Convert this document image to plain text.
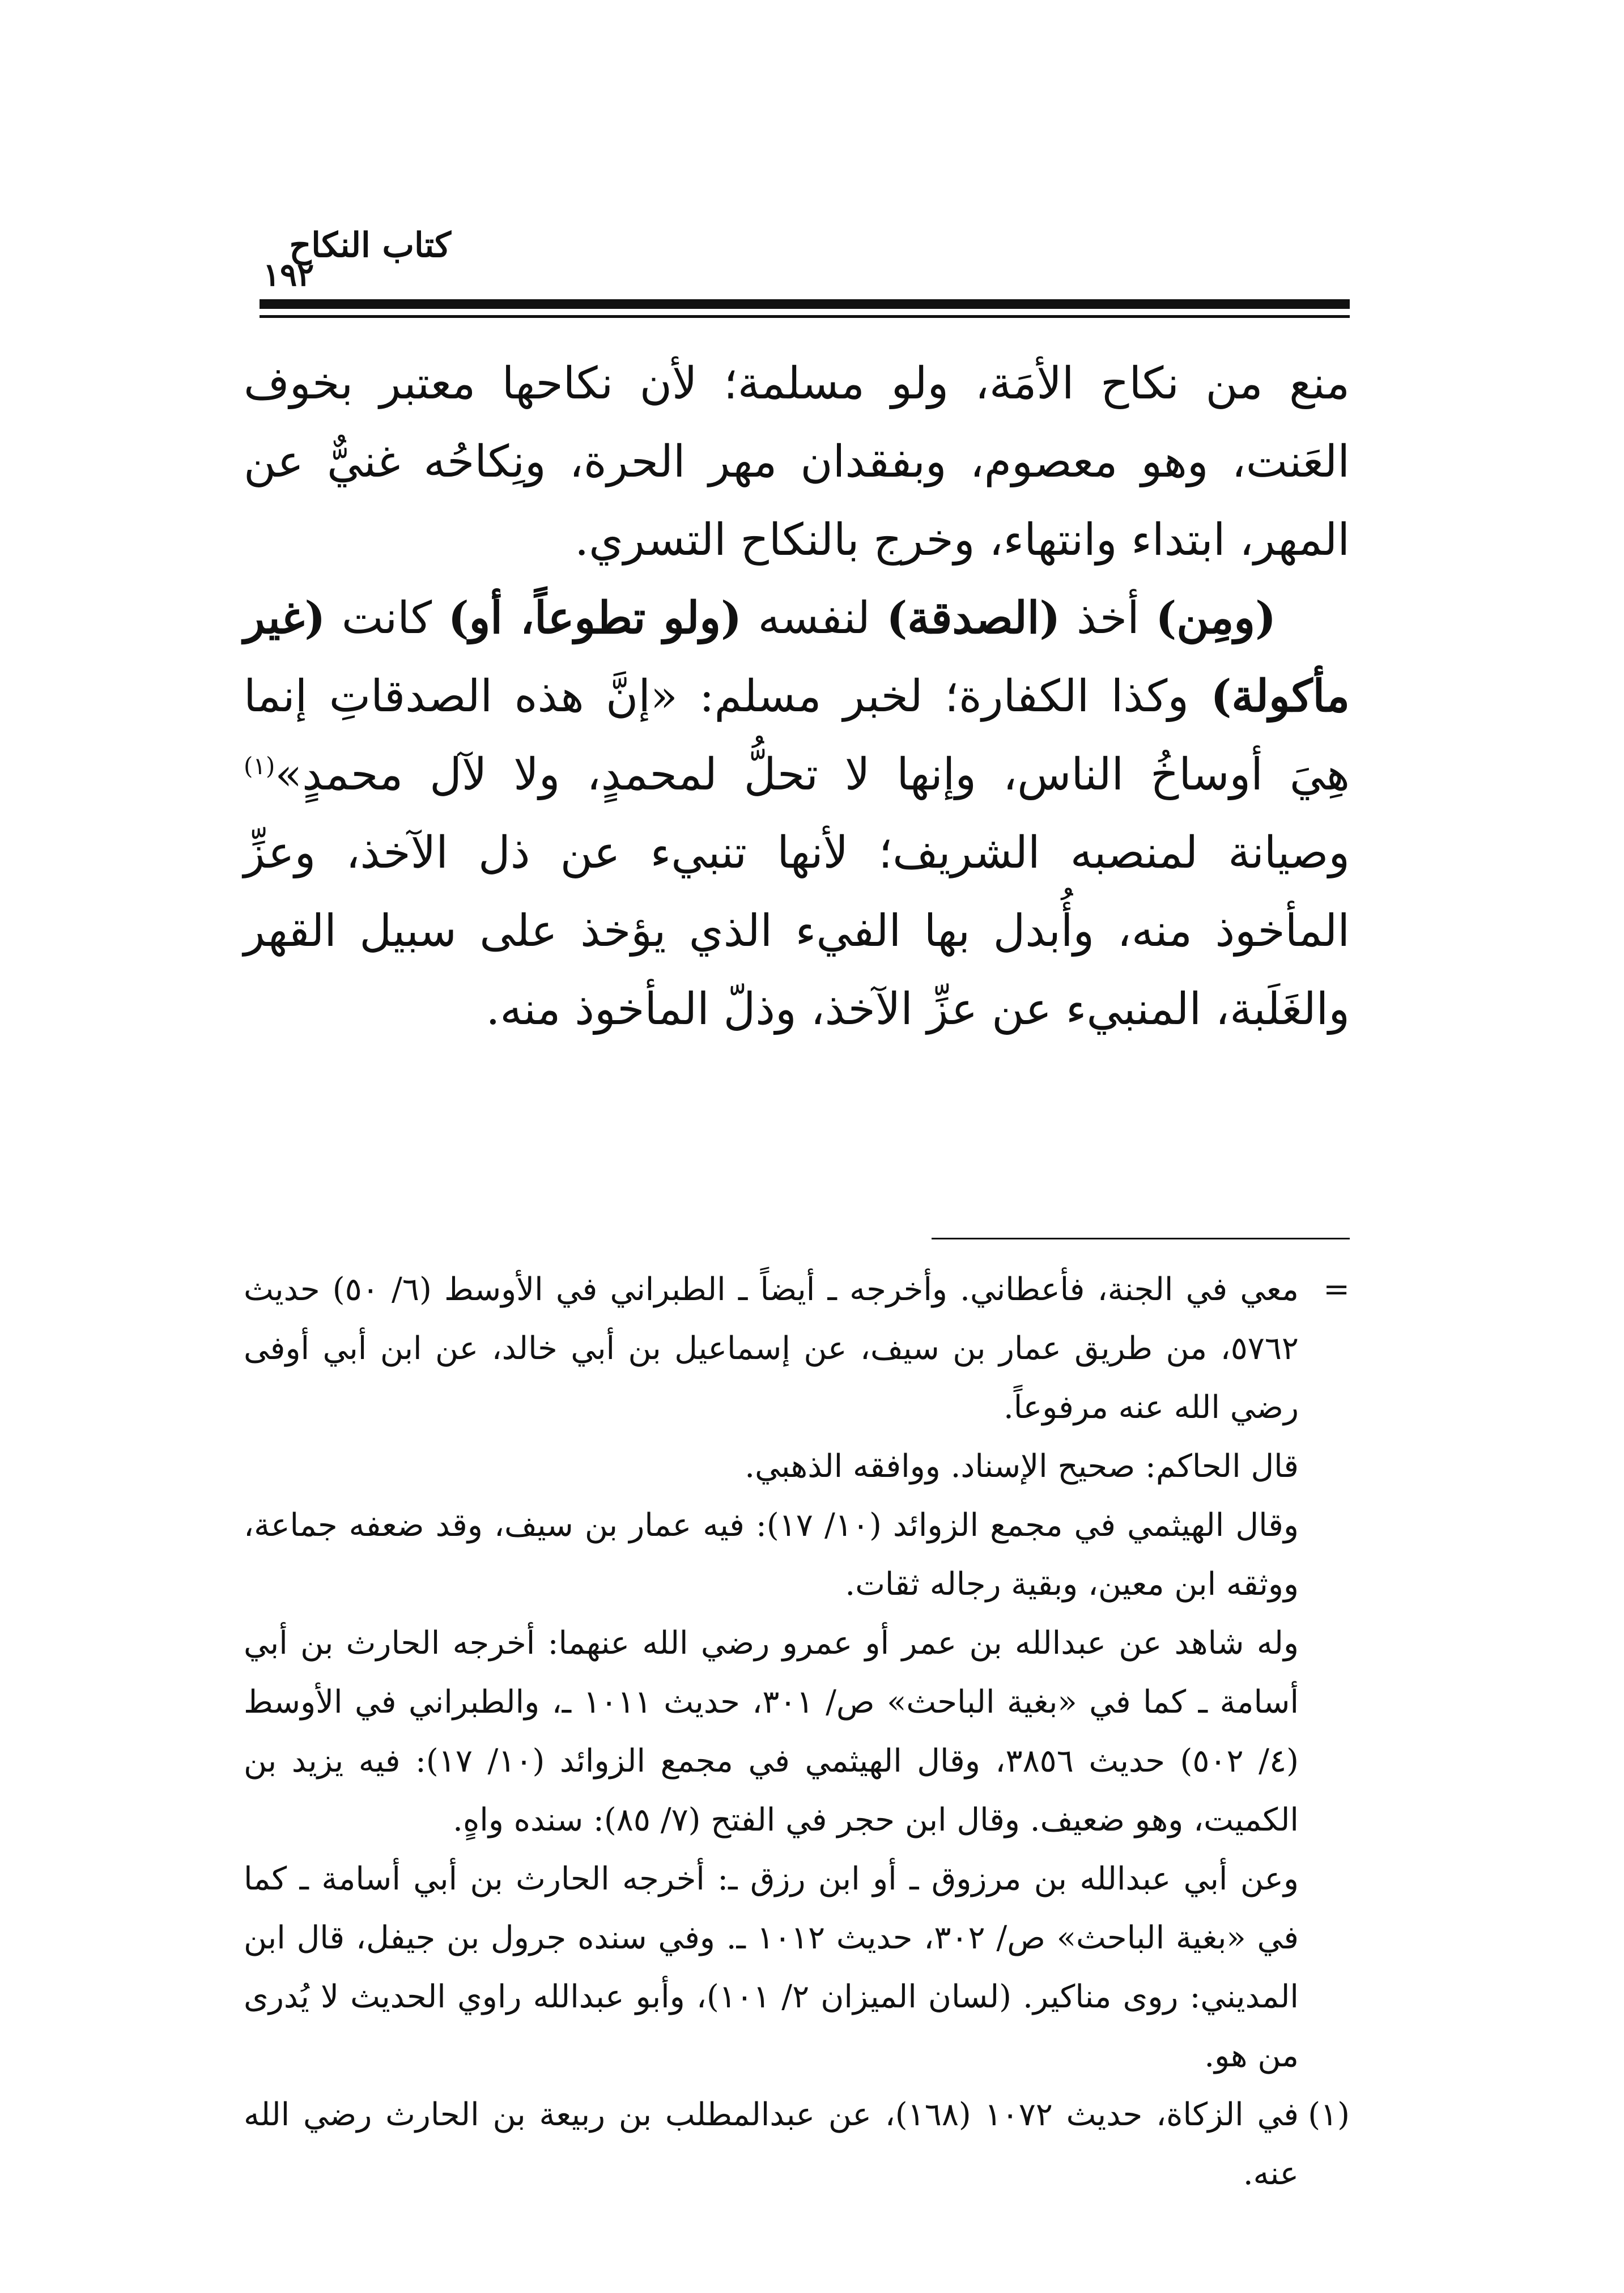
كتاب النكاح
١٩٢

منع من نكاح الأمَة، ولو مسلمة؛ لأن نكاحها معتبر بخوف العَنت، وهو معصوم، وبفقدان مهر الحرة، ونِكاحُه غنيٌّ عن المهر، ابتداء وانتهاء، وخرج بالنكاح التسري.

(ومِن) أخذ (الصدقة) لنفسه (ولو تطوعاً، أو) كانت (غير مأكولة) وكذا الكفارة؛ لخبر مسلم: «إنَّ هذه الصدقاتِ إنما هِيَ أوساخُ الناس، وإنها لا تحلُّ لمحمدٍ، ولا لآل محمدٍ»$^{(١)}$ وصيانة لمنصبه الشريف؛ لأنها تنبيء عن ذل الآخذ، وعزِّ المأخوذ منه، وأُبدل بها الفيء الذي يؤخذ على سبيل القهر والغَلَبة، المنبيء عن عزِّ الآخذ، وذلّ المأخوذ منه.

=
معي في الجنة، فأعطاني. وأخرجه ـ أيضاً ـ الطبراني في الأوسط (٦/ ٥٠) حديث ٥٧٦٢، من طريق عمار بن سيف، عن إسماعيل بن أبي خالد، عن ابن أبي أوفى رضي الله عنه مرفوعاً.

قال الحاكم: صحيح الإسناد. ووافقه الذهبي.

وقال الهيثمي في مجمع الزوائد (١٠/ ١٧): فيه عمار بن سيف، وقد ضعفه جماعة، ووثقه ابن معين، وبقية رجاله ثقات.

وله شاهد عن عبدالله بن عمر أو عمرو رضي الله عنهما: أخرجه الحارث بن أبي أسامة ـ كما في «بغية الباحث» ص/ ٣٠١، حديث ١٠١١ ـ، والطبراني في الأوسط (٤/ ٥٠٢) حديث ٣٨٥٦، وقال الهيثمي في مجمع الزوائد (١٠/ ١٧): فيه يزيد بن الكميت، وهو ضعيف. وقال ابن حجر في الفتح (٧/ ٨٥): سنده واهٍ.

وعن أبي عبدالله بن مرزوق ـ أو ابن رزق ـ: أخرجه الحارث بن أبي أسامة ـ كما في «بغية الباحث» ص/ ٣٠٢، حديث ١٠١٢ ـ. وفي سنده جرول بن جيفل، قال ابن المديني: روى مناكير. (لسان الميزان ٢/ ١٠١)، وأبو عبدالله راوي الحديث لا يُدرى من هو.

(١)
في الزكاة، حديث ١٠٧٢ (١٦٨)، عن عبدالمطلب بن ربيعة بن الحارث رضي الله عنه.
